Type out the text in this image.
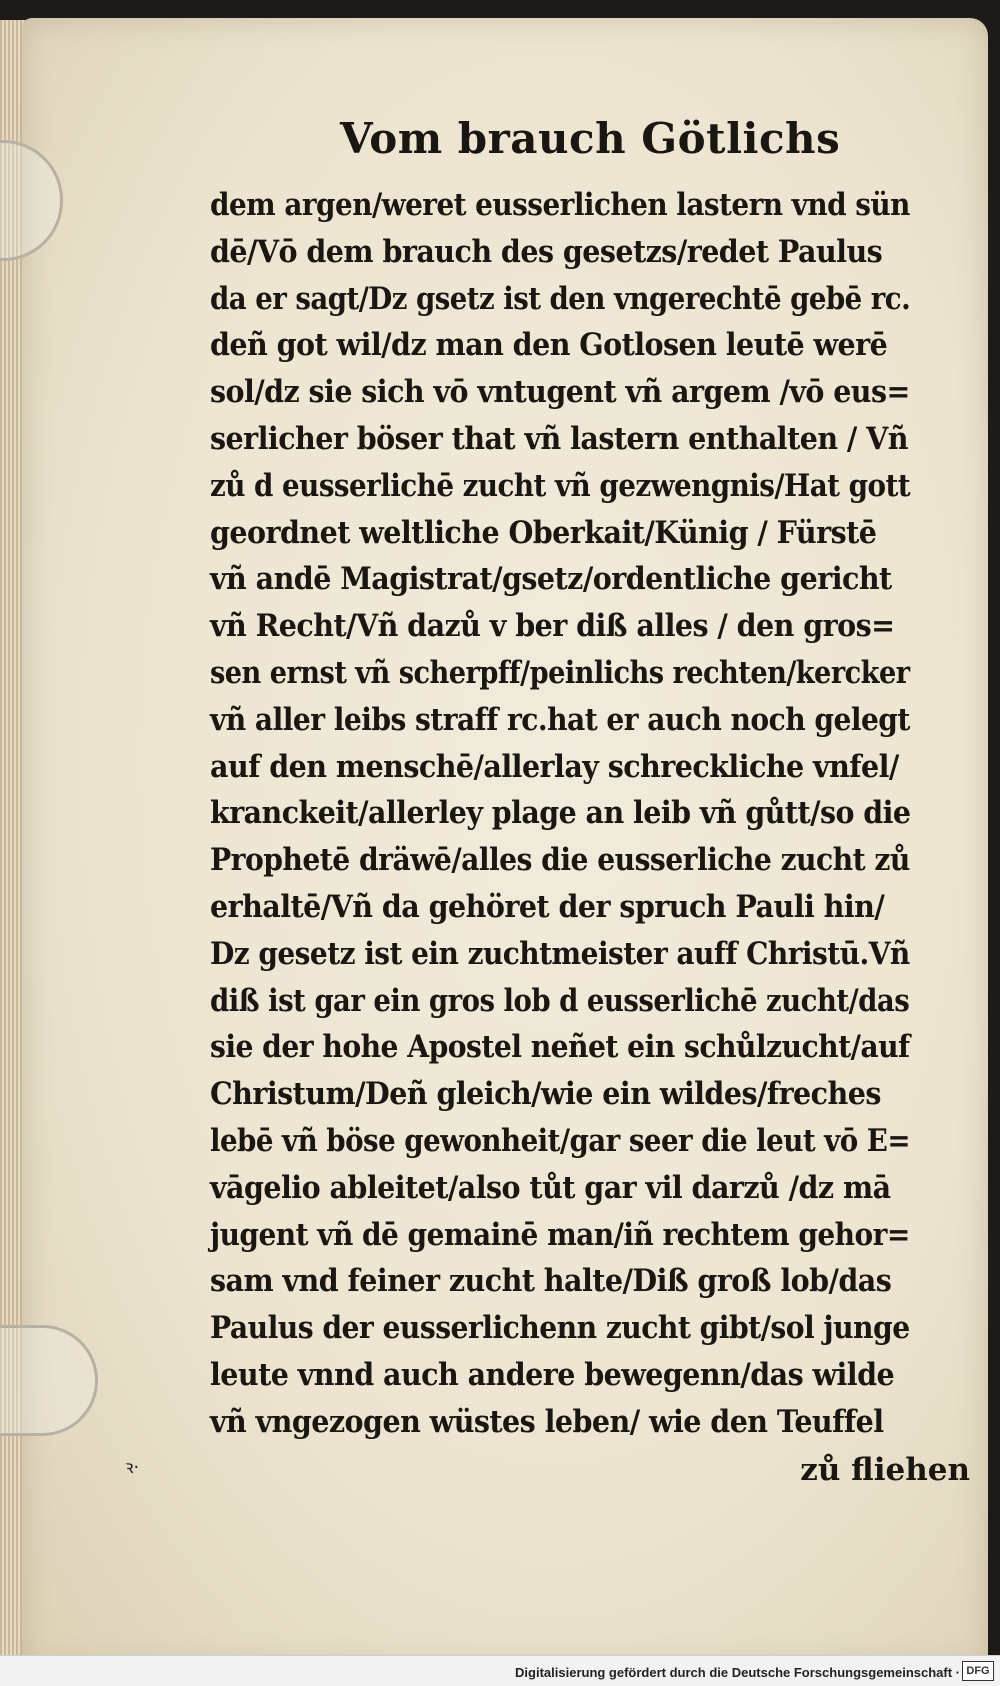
ꝛ·
Vom brauch Götlichs
dem argen/weret eusserlichen lastern vnd sün
dē/Vō dem brauch des gesetzs/redet Paulus
da er sagt/Dz gsetz ist den vngerechtē gebē rc.
deñ got wil/dz man den Gotlosen leutē werē
sol/dz sie sich vō vntugent vñ argem /vō eus=
serlicher böser that vñ lastern enthalten / Vñ
zů d eusserlichē zucht vñ gezwengnis/Hat gott
geordnet weltliche Oberkait/Künig / Fürstē
vñ andē Magistrat/gsetz/ordentliche gericht
vñ Recht/Vñ dazů v ber diß alles / den gros=
sen ernst vñ scherpff/peinlichs rechten/kercker
vñ aller leibs straff rc.hat er auch noch gelegt
auf den menschē/allerlay schreckliche vnfel/
kranckeit/allerley plage an leib vñ gůtt/so die
Prophetē dräwē/alles die eusserliche zucht zů
erhaltē/Vñ da gehöret der spruch Pauli hin/
Dz gesetz ist ein zuchtmeister auff Christū.Vñ
diß ist gar ein gros lob d eusserlichē zucht/das
sie der hohe Apostel neñet ein schůlzucht/auf
Christum/Deñ gleich/wie ein wildes/freches
lebē vñ böse gewonheit/gar seer die leut vō E=
vāgelio ableitet/also tůt gar vil darzů /dz mā
jugent vñ dē gemainē man/iñ rechtem gehor=
sam vnd feiner zucht halte/Diß groß lob/das
Paulus der eusserlichenn zucht gibt/sol junge
leute vnnd auch andere bewegenn/das wilde
vñ vngezogen wüstes leben/ wie den Teuffel
zů fliehen
Digitalisierung gefördert durch die Deutsche Forschungsgemeinschaft · DFG
